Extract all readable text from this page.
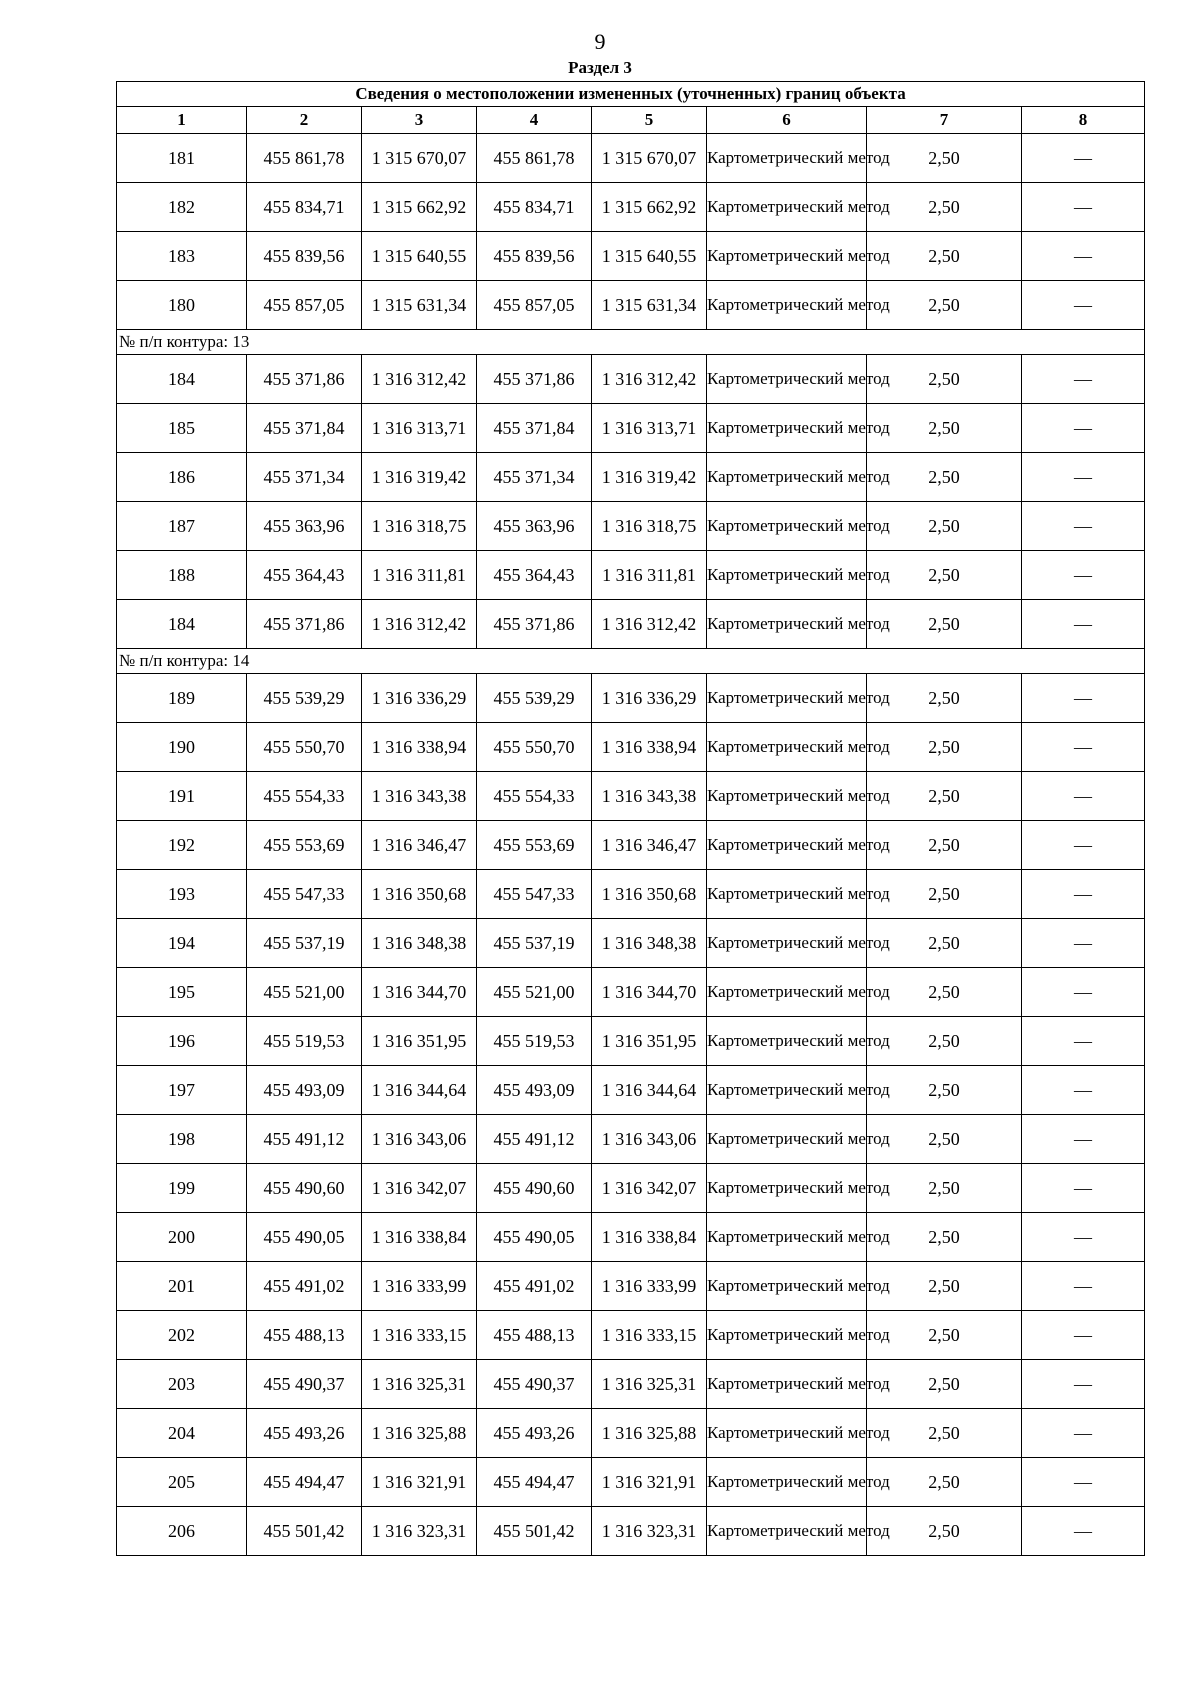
9
Раздел 3
Сведения о местоположении измененных (уточненных) границ объекта							
1	2	3	4	5	6	7	8
181	455 861,78	1 315 670,07	455 861,78	1 315 670,07	Картометрический метод	2,50	—
182	455 834,71	1 315 662,92	455 834,71	1 315 662,92	Картометрический метод	2,50	—
183	455 839,56	1 315 640,55	455 839,56	1 315 640,55	Картометрический метод	2,50	—
180	455 857,05	1 315 631,34	455 857,05	1 315 631,34	Картометрический метод	2,50	—
№ п/п контура: 13							
184	455 371,86	1 316 312,42	455 371,86	1 316 312,42	Картометрический метод	2,50	—
185	455 371,84	1 316 313,71	455 371,84	1 316 313,71	Картометрический метод	2,50	—
186	455 371,34	1 316 319,42	455 371,34	1 316 319,42	Картометрический метод	2,50	—
187	455 363,96	1 316 318,75	455 363,96	1 316 318,75	Картометрический метод	2,50	—
188	455 364,43	1 316 311,81	455 364,43	1 316 311,81	Картометрический метод	2,50	—
184	455 371,86	1 316 312,42	455 371,86	1 316 312,42	Картометрический метод	2,50	—
№ п/п контура: 14							
189	455 539,29	1 316 336,29	455 539,29	1 316 336,29	Картометрический метод	2,50	—
190	455 550,70	1 316 338,94	455 550,70	1 316 338,94	Картометрический метод	2,50	—
191	455 554,33	1 316 343,38	455 554,33	1 316 343,38	Картометрический метод	2,50	—
192	455 553,69	1 316 346,47	455 553,69	1 316 346,47	Картометрический метод	2,50	—
193	455 547,33	1 316 350,68	455 547,33	1 316 350,68	Картометрический метод	2,50	—
194	455 537,19	1 316 348,38	455 537,19	1 316 348,38	Картометрический метод	2,50	—
195	455 521,00	1 316 344,70	455 521,00	1 316 344,70	Картометрический метод	2,50	—
196	455 519,53	1 316 351,95	455 519,53	1 316 351,95	Картометрический метод	2,50	—
197	455 493,09	1 316 344,64	455 493,09	1 316 344,64	Картометрический метод	2,50	—
198	455 491,12	1 316 343,06	455 491,12	1 316 343,06	Картометрический метод	2,50	—
199	455 490,60	1 316 342,07	455 490,60	1 316 342,07	Картометрический метод	2,50	—
200	455 490,05	1 316 338,84	455 490,05	1 316 338,84	Картометрический метод	2,50	—
201	455 491,02	1 316 333,99	455 491,02	1 316 333,99	Картометрический метод	2,50	—
202	455 488,13	1 316 333,15	455 488,13	1 316 333,15	Картометрический метод	2,50	—
203	455 490,37	1 316 325,31	455 490,37	1 316 325,31	Картометрический метод	2,50	—
204	455 493,26	1 316 325,88	455 493,26	1 316 325,88	Картометрический метод	2,50	—
205	455 494,47	1 316 321,91	455 494,47	1 316 321,91	Картометрический метод	2,50	—
206	455 501,42	1 316 323,31	455 501,42	1 316 323,31	Картометрический метод	2,50	—
